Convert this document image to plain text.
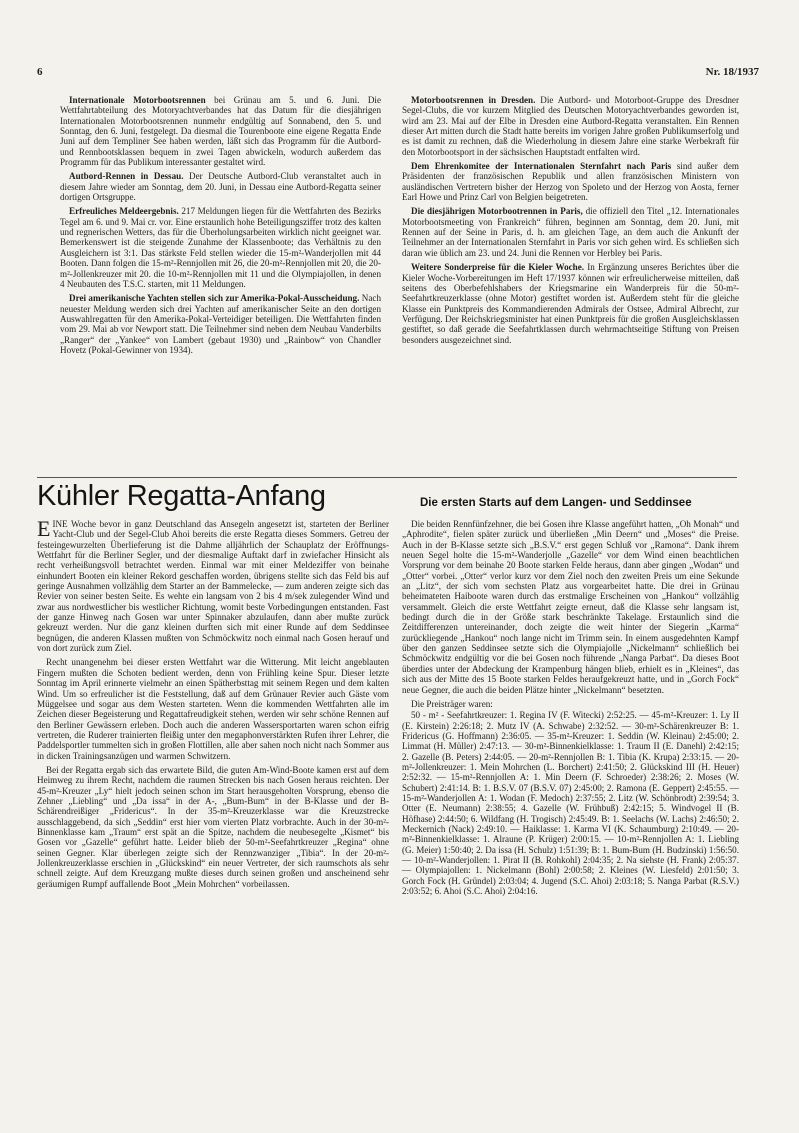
6	Nr. 18/1937

Internationale Motorbootsrennen bei Grünau am 5. und 6. Juni. Die Wettfahrtabteilung des Motoryachtverbandes hat das Datum für die diesjährigen Internationalen Motorbootsrennen nunmehr endgültig auf Sonnabend, den 5. und Sonntag, den 6. Juni, festgelegt. Da diesmal die Tourenboote eine eigene Regatta Ende Juni auf dem Templiner See haben werden, läßt sich das Programm für die Autbord- und Rennbootsklassen bequem in zwei Tagen abwickeln, wodurch außerdem das Programm für das Publikum interessanter gestaltet wird.

Autbord-Rennen in Dessau. Der Deutsche Autbord-Club veranstaltet auch in diesem Jahre wieder am Sonntag, dem 20. Juni, in Dessau eine Autbord-Regatta seiner dortigen Ortsgruppe.

Erfreuliches Meldeergebnis. 217 Meldungen liegen für die Wettfahrten des Bezirks Tegel am 6. und 9. Mai cr. vor. Eine erstaunlich hohe Beteiligungsziffer trotz des kalten und regnerischen Wetters, das für die Überholungsarbeiten wirklich nicht geeignet war. Bemerkenswert ist die steigende Zunahme der Klassenboote; das Verhältnis zu den Ausgleichern ist 3:1. Das stärkste Feld stellen wieder die 15-m²-Wanderjollen mit 44 Booten. Dann folgen die 15-m²-Rennjollen mit 26, die 20-m²-Rennjollen mit 20, die 20-m²-Jollenkreuzer mit 20. die 10-m²-Rennjollen mit 11 und die Olympiajollen, in denen 4 Neubauten des T.S.C. starten, mit 11 Meldungen.

Drei amerikanische Yachten stellen sich zur Amerika-Pokal-Ausscheidung. Nach neuester Meldung werden sich drei Yachten auf amerikanischer Seite an den dortigen Auswahlregatten für den Amerika-Pokal-Verteidiger beteiligen. Die Wettfahrten finden vom 29. Mai ab vor Newport statt. Die Teilnehmer sind neben dem Neubau Vanderbilts „Ranger“ der „Yankee“ von Lambert (gebaut 1930) und „Rainbow“ von Chandler Hovetz (Pokal-Gewinner von 1934).

Motorbootsrennen in Dresden. Die Autbord- und Motorboot-Gruppe des Dresdner Segel-Clubs, die vor kurzem Mitglied des Deutschen Motoryachtverbandes geworden ist, wird am 23. Mai auf der Elbe in Dresden eine Autbord-Regatta veranstalten. Ein Rennen dieser Art mitten durch die Stadt hatte bereits im vorigen Jahre großen Publikumserfolg und es ist damit zu rechnen, daß die Wiederholung in diesem Jahre eine starke Werbekraft für den Motorbootsport in der sächsischen Hauptstadt entfalten wird.

Dem Ehrenkomitee der Internationalen Sternfahrt nach Paris sind außer dem Präsidenten der französischen Republik und allen französischen Ministern von ausländischen Vertretern bisher der Herzog von Spoleto und der Herzog von Aosta, ferner Earl Howe und Prinz Carl von Belgien beigetreten.

Die diesjährigen Motorbootrennen in Paris, die offiziell den Titel „12. Internationales Motorbootsmeeting von Frankreich“ führen, beginnen am Sonntag, dem 20. Juni, mit Rennen auf der Seine in Paris, d. h. am gleichen Tage, an dem auch die Ankunft der Teilnehmer an der Internationalen Sternfahrt in Paris vor sich gehen wird. Es schließen sich daran wie üblich am 23. und 24. Juni die Rennen vor Herbley bei Paris.

Weitere Sonderpreise für die Kieler Woche. In Ergänzung unseres Berichtes über die Kieler Woche-Vorbereitungen im Heft 17/1937 können wir erfreulicherweise mitteilen, daß seitens des Oberbefehlshabers der Kriegsmarine ein Wanderpreis für die 50-m²-Seefahrtkreuzerklasse (ohne Motor) gestiftet worden ist. Außerdem steht für die gleiche Klasse ein Punktpreis des Kommandierenden Admirals der Ostsee, Admiral Albrecht, zur Verfügung. Der Reichskriegsminister hat einen Punktpreis für die großen Ausgleichsklassen gestiftet, so daß gerade die Seefahrtklassen durch wehrmachtseitige Stiftung von Preisen besonders ausgezeichnet sind.

Kühler Regatta-Anfang	Die ersten Starts auf dem Langen- und Seddinsee

EINE Woche bevor in ganz Deutschland das Ansegeln angesetzt ist, starteten der Berliner Yacht-Club und der Segel-Club Ahoi bereits die erste Regatta dieses Sommers. Getreu der festeingewurzelten Überlieferung ist die Dahme alljährlich der Schauplatz der Eröffnungs-Wettfahrt für die Berliner Segler, und der diesmalige Auftakt darf in zwiefacher Hinsicht als recht verheißungsvoll betrachtet werden. Einmal war mit einer Meldeziffer von beinahe einhundert Booten ein kleiner Rekord geschaffen worden, übrigens stellte sich das Feld bis auf geringe Ausnahmen vollzählig dem Starter an der Bammelecke, — zum anderen zeigte sich das Revier von seiner besten Seite. Es wehte ein langsam von 2 bis 4 m/sek zulegender Wind und zwar aus nordwestlicher bis westlicher Richtung, womit beste Vorbedingungen entstanden. Fast der ganze Hinweg nach Gosen war unter Spinnaker abzulaufen, dann aber mußte zurück gekreuzt werden. Nur die ganz kleinen durften sich mit einer Runde auf dem Seddinsee begnügen, die anderen Klassen mußten von Schmöckwitz noch einmal nach Gosen herauf und von dort zurück zum Ziel.

Recht unangenehm bei dieser ersten Wettfahrt war die Witterung. Mit leicht angeblauten Fingern mußten die Schoten bedient werden, denn von Frühling keine Spur. Dieser letzte Sonntag im April erinnerte vielmehr an einen Spätherbsttag mit seinem Regen und dem kalten Wind. Um so erfreulicher ist die Feststellung, daß auf dem Grünauer Revier auch Gäste vom Müggelsee und sogar aus dem Westen starteten. Wenn die kommenden Wettfahrten alle im Zeichen dieser Begeisterung und Regattafreudigkeit stehen, werden wir sehr schöne Rennen auf den Berliner Gewässern erleben. Doch auch die anderen Wassersportarten waren schon eifrig vertreten, die Ruderer trainierten fleißig unter den megaphonverstärkten Rufen ihrer Lehrer, die Paddelsportler tummelten sich in großen Flottillen, alle aber sahen noch nicht nach Sommer aus in dicken Trainingsanzügen und warmen Schwitzern.

Bei der Regatta ergab sich das erwartete Bild, die guten Am-Wind-Boote kamen erst auf dem Heimweg zu ihrem Recht, nachdem die raumen Strecken bis nach Gosen heraus reichten. Der 45-m²-Kreuzer „Ly“ hielt jedoch seinen schon im Start herausgeholten Vorsprung, ebenso die Zehner „Liebling“ und „Da issa“ in der A-, „Bum-Bum“ in der B-Klasse und der B-Schärendreißiger „Fridericus“. In der 35-m²-Kreuzerklasse war die Kreuzstrecke ausschlaggebend, da sich „Seddin“ erst hier vom vierten Platz vorbrachte. Auch in der 30-m²-Binnenklasse kam „Traum“ erst spät an die Spitze, nachdem die neubesegelte „Kismet“ bis Gosen vor „Gazelle“ geführt hatte. Leider blieb der 50-m²-Seefahrtkreuzer „Regina“ ohne seinen Gegner. Klar überlegen zeigte sich der Rennzwanziger „Tibia“. In der 20-m²-Jollenkreuzerklasse erschien in „Glückskind“ ein neuer Vertreter, der sich raumschots als sehr schnell zeigte. Auf dem Kreuzgang mußte dieses durch seinen großen und anscheinend sehr geräumigen Rumpf auffallende Boot „Mein Mohrchen“ vorbeilassen.

Die beiden Rennfünfzehner, die bei Gosen ihre Klasse angeführt hatten, „Oh Monah“ und „Aphrodite“, fielen später zurück und überließen „Min Deern“ und „Moses“ die Preise. Auch in der B-Klasse setzte sich „B.S.V.“ erst gegen Schluß vor „Ramona“. Dank ihrem neuen Segel holte die 15-m²-Wanderjolle „Gazelle“ vor dem Wind einen beachtlichen Vorsprung vor dem beinahe 20 Boote starken Felde heraus, dann aber gingen „Wodan“ und „Otter“ vorbei. „Otter“ verlor kurz vor dem Ziel noch den zweiten Preis um eine Sekunde an „Litz“, der sich vom sechsten Platz aus vorgearbeitet hatte. Die drei in Grünau beheimateten Haiboote waren durch das erstmalige Erscheinen von „Hankou“ vollzählig versammelt. Gleich die erste Wettfahrt zeigte erneut, daß die Klasse sehr langsam ist, bedingt durch die in der Größe stark beschränkte Takelage. Erstaunlich sind die Zeitdifferenzen untereinander, doch zeigte die weit hinter der Siegerin „Karma“ zurückliegende „Hankou“ noch lange nicht im Trimm sein. In einem ausgedehnten Kampf über den ganzen Seddinsee setzte sich die Olympiajolle „Nickelmann“ schließlich bei Schmöckwitz endgültig vor die bei Gosen noch führende „Nanga Parbat“. Da dieses Boot überdies unter der Abdeckung der Krampenburg hängen blieb, erhielt es in „Kleines“, das sich aus der Mitte des 15 Boote starken Feldes heraufgekreuzt hatte, und in „Gorch Fock“ neue Gegner, die auch die beiden Plätze hinter „Nickelmann“ besetzten.

Die Preisträger waren:

50 - m² - Seefahrtkreuzer: 1. Regina IV (F. Witecki) 2:52:25. — 45-m²-Kreuzer: 1. Ly II (E. Kirstein) 2:26:18; 2. Mutz IV (A. Schwabe) 2:32:52. — 30-m²-Schärenkreuzer B: 1. Fridericus (G. Hoffmann) 2:36:05. — 35-m²-Kreuzer: 1. Seddin (W. Kleinau) 2:45:00; 2. Limmat (H. Müller) 2:47:13. — 30-m²-Binnenkielklasse: 1. Traum II (E. Danehl) 2:42:15; 2. Gazelle (B. Peters) 2:44:05. — 20-m²-Rennjollen B: 1. Tibia (K. Krupa) 2:33:15. — 20-m²-Jollenkreuzer: 1. Mein Mohrchen (L. Borchert) 2:41:50; 2. Glückskind III (H. Heuer) 2:52:32. — 15-m²-Rennjollen A: 1. Min Deern (F. Schroeder) 2:38:26; 2. Moses (W. Schubert) 2:41:14. B: 1. B.S.V. 07 (B.S.V. 07) 2:45:00; 2. Ramona (E. Geppert) 2:45:55. — 15-m²-Wanderjollen A: 1. Wodan (F. Medoch) 2:37:55; 2. Litz (W. Schönbrodt) 2:39:54; 3. Otter (E. Neumann) 2:38:55; 4. Gazelle (W. Frühbuß) 2:42:15; 5. Windvogel II (B. Höfhase) 2:44:50; 6. Wildfang (H. Trogisch) 2:45:49. B: 1. Seelachs (W. Lachs) 2:46:50; 2. Meckernich (Nack) 2:49:10. — Haiklasse: 1. Karma VI (K. Schaumburg) 2:10:49. — 20-m²-Binnenkielklasse: 1. Alraune (P. Krüger) 2:00:15. — 10-m²-Rennjollen A: 1. Liebling (G. Meier) 1:50:40; 2. Da issa (H. Schulz) 1:51:39; B: 1. Bum-Bum (H. Budzinski) 1:56:50. — 10-m²-Wanderjollen: 1. Pirat II (B. Rohkohl) 2:04:35; 2. Na siehste (H. Frank) 2:05:37. — Olympiajollen: 1. Nickelmann (Bohl) 2:00:58; 2. Kleines (W. Liesfeld) 2:01:50; 3. Gorch Fock (H. Gründel) 2:03:04; 4. Jugend (S.C. Ahoi) 2:03:18; 5. Nanga Parbat (R.S.V.) 2:03:52; 6. Ahoi (S.C. Ahoi) 2:04:16.
